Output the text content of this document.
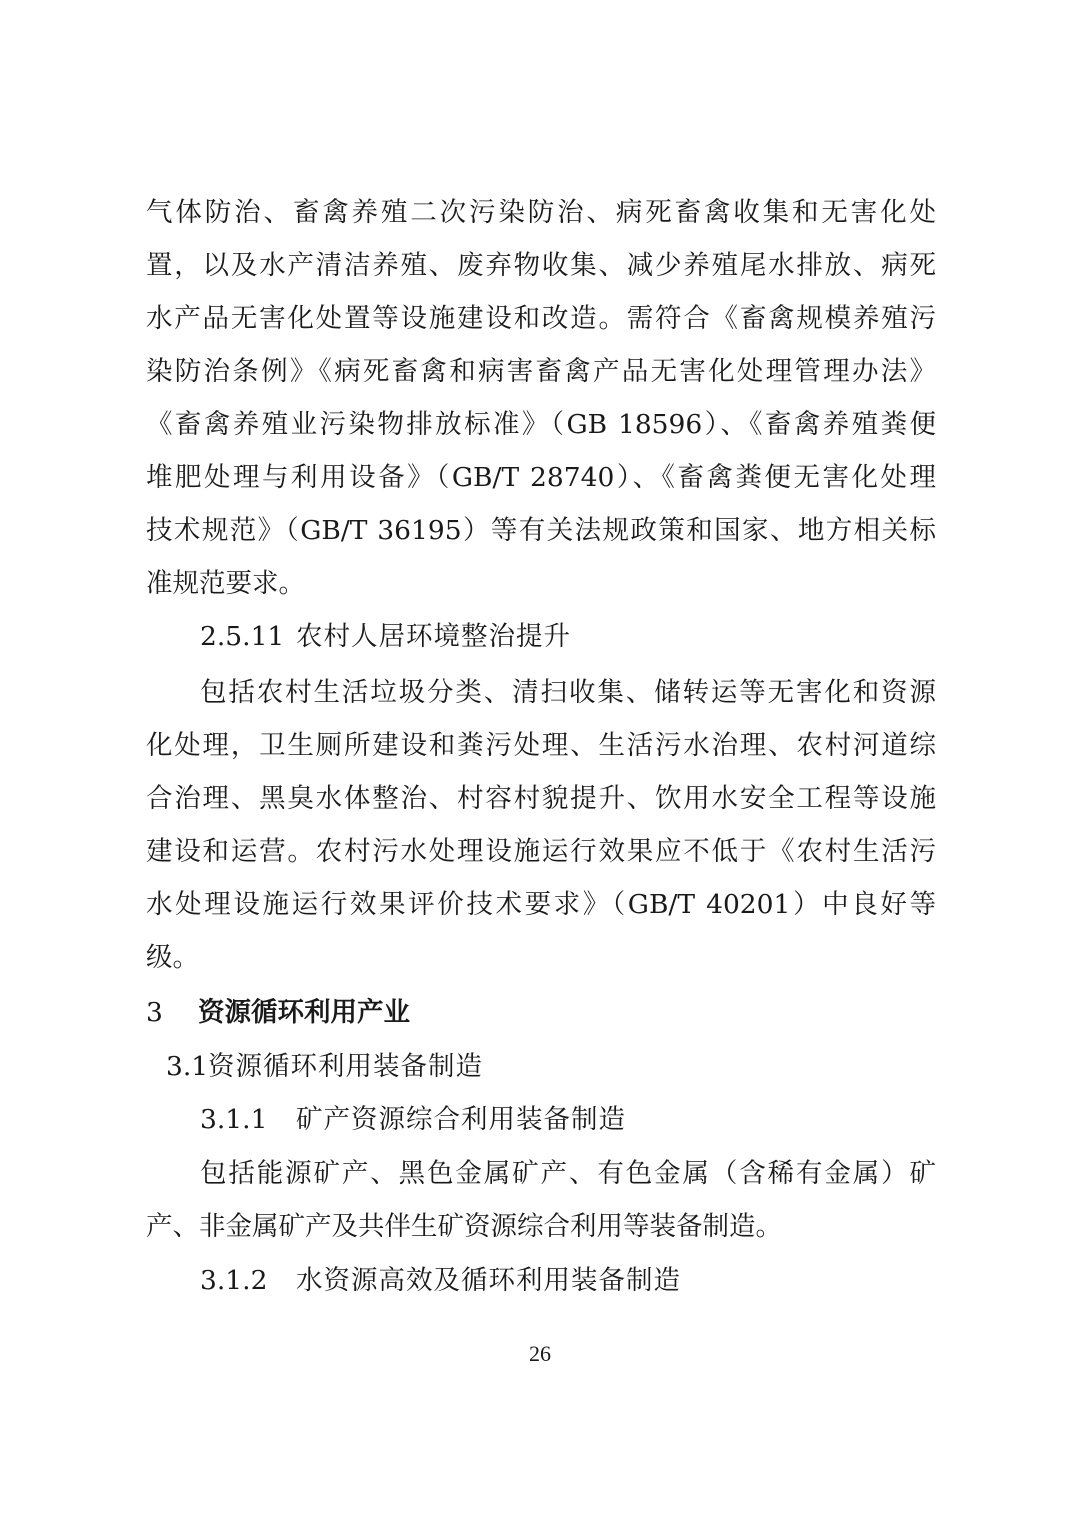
气体防治、畜禽养殖二次污染防治、病死畜禽收集和无害化处
置，以及水产清洁养殖、废弃物收集、减少养殖尾水排放、病死
水产品无害化处置等设施建设和改造。需符合《畜禽规模养殖污
染防治条例》《病死畜禽和病害畜禽产品无害化处理管理办法》
《畜禽养殖业污染物排放标准》（GB 18596）、《畜禽养殖粪便
堆肥处理与利用设备》（GB/T 28740）、《畜禽粪便无害化处理
技术规范》（GB/T 36195）等有关法规政策和国家、地方相关标
准规范要求。
2.5.11 农村人居环境整治提升
包括农村生活垃圾分类、清扫收集、储转运等无害化和资源
化处理，卫生厕所建设和粪污处理、生活污水治理、农村河道综
合治理、黑臭水体整治、村容村貌提升、饮用水安全工程等设施
建设和运营。农村污水处理设施运行效果应不低于《农村生活污
水处理设施运行效果评价技术要求》（GB/T 40201）中良好等
级。
3 资源循环利用产业
3.1资源循环利用装备制造
3.1.1 矿产资源综合利用装备制造
包括能源矿产、黑色金属矿产、有色金属（含稀有金属）矿
产、非金属矿产及共伴生矿资源综合利用等装备制造。
3.1.2 水资源高效及循环利用装备制造
26
